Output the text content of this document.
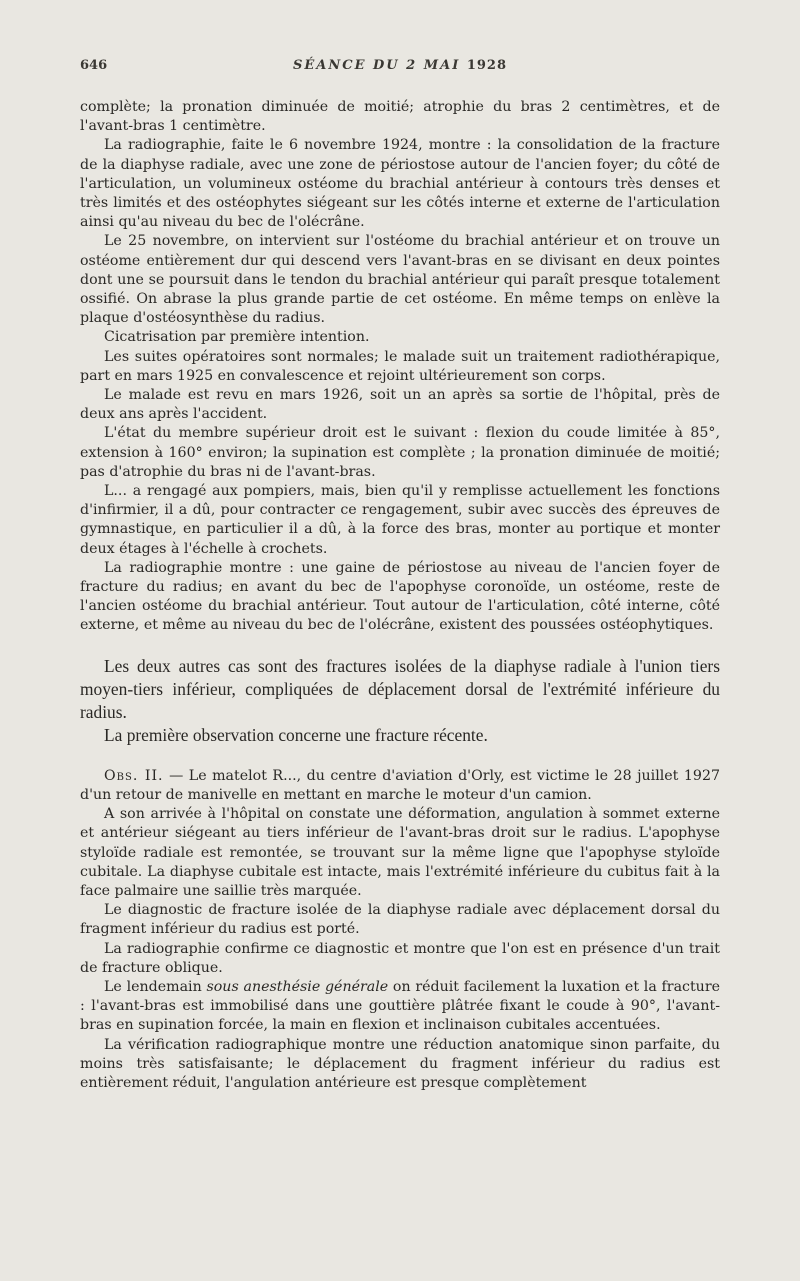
646	SÉANCE DU 2 MAI 1928

complète; la pronation diminuée de moitié; atrophie du bras 2 centimètres, et de l'avant-bras 1 centimètre.

La radiographie, faite le 6 novembre 1924, montre : la consolidation de la fracture de la diaphyse radiale, avec une zone de périostose autour de l'ancien foyer; du côté de l'articulation, un volumineux ostéome du brachial antérieur à contours très denses et très limités et des ostéophytes siégeant sur les côtés interne et externe de l'articulation ainsi qu'au niveau du bec de l'olécrâne.

Le 25 novembre, on intervient sur l'ostéome du brachial antérieur et on trouve un ostéome entièrement dur qui descend vers l'avant-bras en se divisant en deux pointes dont une se poursuit dans le tendon du brachial antérieur qui paraît presque totalement ossifié. On abrase la plus grande partie de cet ostéome. En même temps on enlève la plaque d'ostéosynthèse du radius.

Cicatrisation par première intention.

Les suites opératoires sont normales; le malade suit un traitement radiothérapique, part en mars 1925 en convalescence et rejoint ultérieurement son corps.

Le malade est revu en mars 1926, soit un an après sa sortie de l'hôpital, près de deux ans après l'accident.

L'état du membre supérieur droit est le suivant : flexion du coude limitée à 85°, extension à 160° environ; la supination est complète ; la pronation diminuée de moitié; pas d'atrophie du bras ni de l'avant-bras.

L... a rengagé aux pompiers, mais, bien qu'il y remplisse actuellement les fonctions d'infirmier, il a dû, pour contracter ce rengagement, subir avec succès des épreuves de gymnastique, en particulier il a dû, à la force des bras, monter au portique et monter deux étages à l'échelle à crochets.

La radiographie montre : une gaine de périostose au niveau de l'ancien foyer de fracture du radius; en avant du bec de l'apophyse coronoïde, un ostéome, reste de l'ancien ostéome du brachial antérieur. Tout autour de l'articulation, côté interne, côté externe, et même au niveau du bec de l'olécrâne, existent des poussées ostéophytiques.

Les deux autres cas sont des fractures isolées de la diaphyse radiale à l'union tiers moyen-tiers inférieur, compliquées de déplacement dorsal de l'extrémité inférieure du radius.

La première observation concerne une fracture récente.

Obs. II. — Le matelot R..., du centre d'aviation d'Orly, est victime le 28 juillet 1927 d'un retour de manivelle en mettant en marche le moteur d'un camion.

A son arrivée à l'hôpital on constate une déformation, angulation à sommet externe et antérieur siégeant au tiers inférieur de l'avant-bras droit sur le radius. L'apophyse styloïde radiale est remontée, se trouvant sur la même ligne que l'apophyse styloïde cubitale. La diaphyse cubitale est intacte, mais l'extrémité inférieure du cubitus fait à la face palmaire une saillie très marquée.

Le diagnostic de fracture isolée de la diaphyse radiale avec déplacement dorsal du fragment inférieur du radius est porté.

La radiographie confirme ce diagnostic et montre que l'on est en présence d'un trait de fracture oblique.

Le lendemain sous anesthésie générale on réduit facilement la luxation et la fracture : l'avant-bras est immobilisé dans une gouttière plâtrée fixant le coude à 90°, l'avant-bras en supination forcée, la main en flexion et inclinaison cubitales accentuées.

La vérification radiographique montre une réduction anatomique sinon parfaite, du moins très satisfaisante; le déplacement du fragment inférieur du radius est entièrement réduit, l'angulation antérieure est presque complètement
